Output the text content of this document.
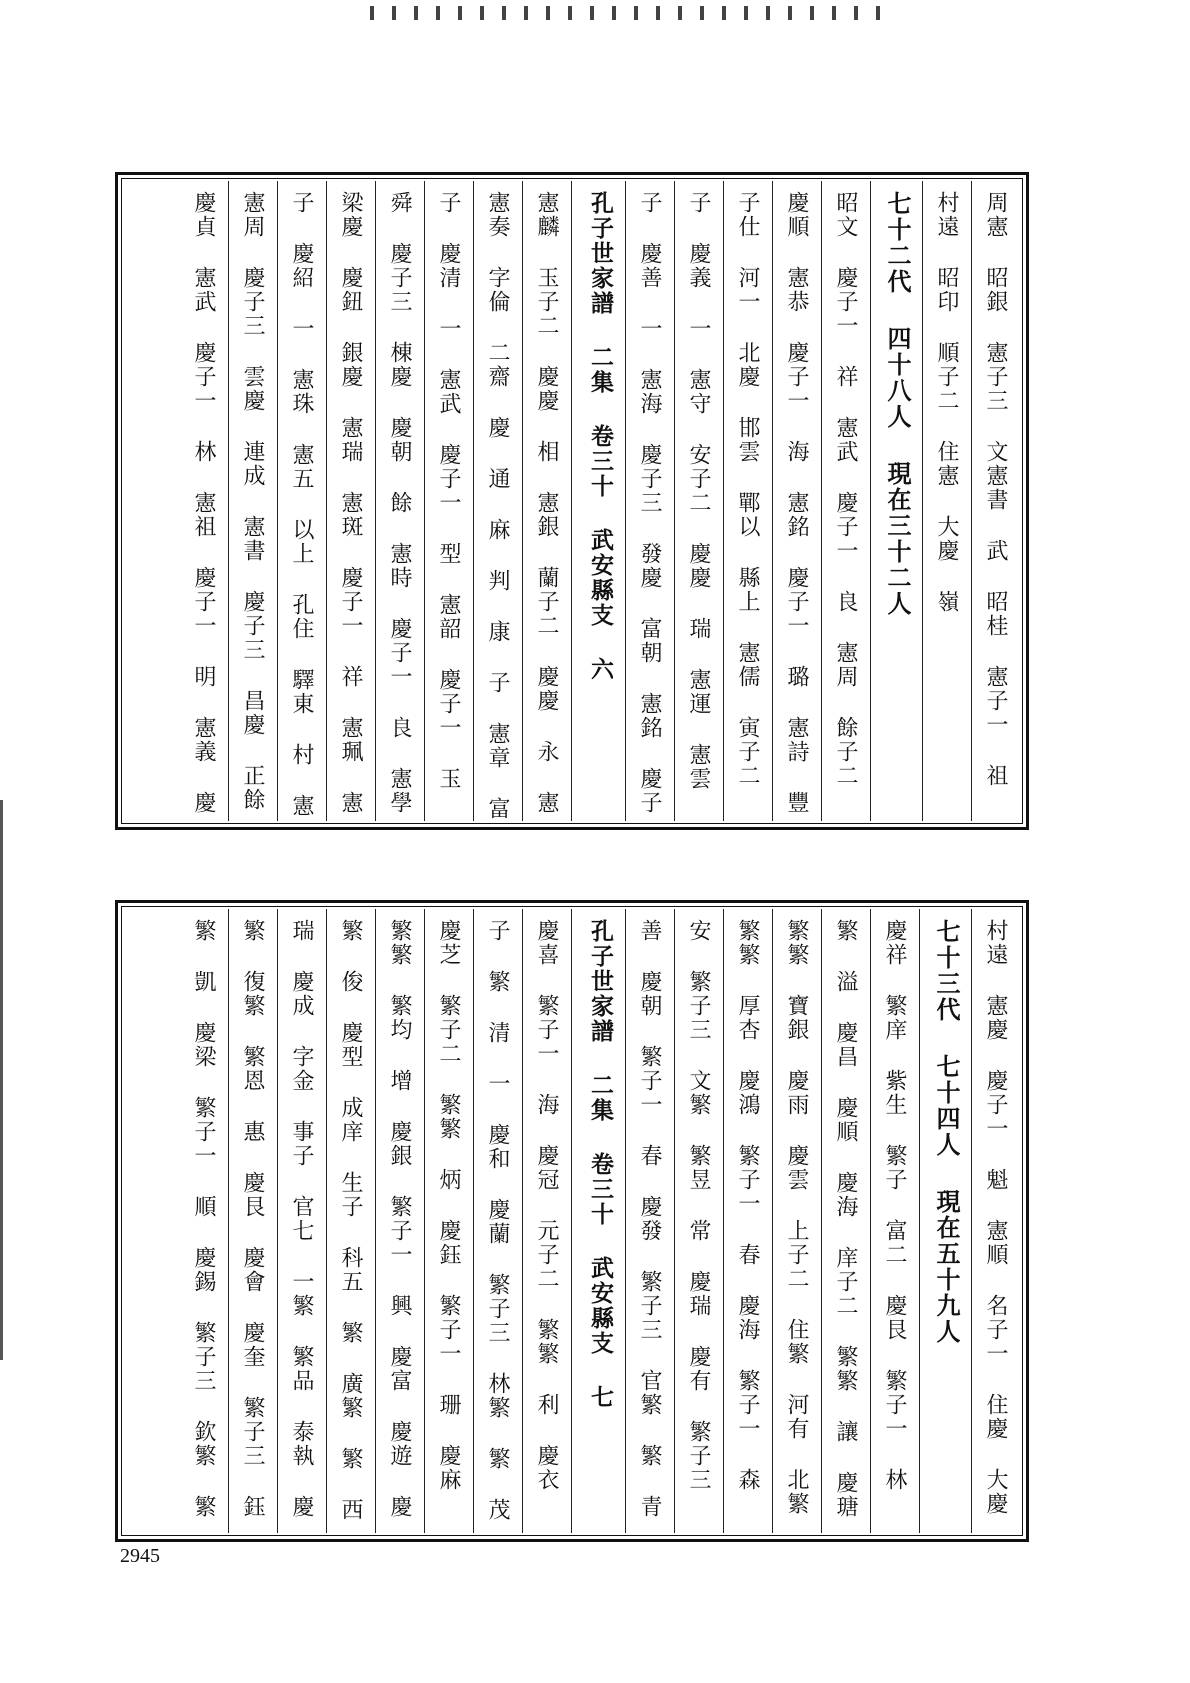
周憲 昭銀 憲子三 文憲書 武 昭桂 憲子一 祖
村遠 昭印 順子二 住憲 大慶 嶺
七十二代 四十八人 現在三十二人
昭文 慶子一 祥 憲武 慶子一 良 憲周 餘子二
慶順 憲恭 慶子一 海 憲銘 慶子一 璐 憲詩 豐
子仕 河一 北慶 邯雲 鄲以 縣上 憲儒 寅子二
子 慶義 一 憲守 安子二 慶慶 瑞 憲運 憲雲
子 慶善 一 憲海 慶子三 發慶 富朝 憲銘 慶子
孔子世家譜 二集 卷三十 武安縣支 六
憲麟 玉子二 慶慶 相 憲銀 蘭子二 慶慶 永 憲
憲奏 字倫 二齋 慶 通 麻 判 康 子 憲章 富
子 慶清 一 憲武 慶子一 型 憲韶 慶子一 玉
舜 慶子三 棟慶 慶朝 餘 憲時 慶子一 良 憲學
梁慶 慶鈕 銀慶 憲瑞 憲斑 慶子一 祥 憲珮 憲
子 慶紹 一 憲珠 憲五 以上 孔住 驛東 村 憲
憲周 慶子三 雲慶 連成 憲書 慶子三 昌慶 正餘
慶貞 憲武 慶子一 林 憲祖 慶子一 明 憲義 慶
村遠 憲慶 慶子一 魁 憲順 名子一 住慶 大慶
七十三代 七十四人 現在五十九人
慶祥 繁庠 紫生 繁子 富二 慶艮 繁子一 林
繁 溢 慶昌 慶順 慶海 庠子二 繁繁 讓 慶瑭
繁繁 寶銀 慶雨 慶雲 上子二 住繁 河有 北繁
繁繁 厚杏 慶鴻 繁子一 春 慶海 繁子一 森
安 繁子三 文繁 繁昱 常 慶瑞 慶有 繁子三
善 慶朝 繁子一 春 慶發 繁子三 官繁 繁 青
孔子世家譜 二集 卷三十 武安縣支 七
慶喜 繁子一 海 慶冠 元子二 繁繁 利 慶衣
子 繁 清 一 慶和 慶蘭 繁子三 林繁 繁 茂
慶芝 繁子二 繁繁 炳 慶鈺 繁子一 珊 慶麻
繁繁 繁均 增 慶銀 繁子一 興 慶富 慶遊 慶
繁 俊 慶型 成庠 生子 科五 繁 廣繁 繁 西
瑞 慶成 字金 事子 官七 一繁 繁品 泰執 慶
繁 復繁 繁恩 惠 慶艮 慶會 慶奎 繁子三 鈺
繁 凱 慶梁 繁子一 順 慶錫 繁子三 欽繁 繁
2945
